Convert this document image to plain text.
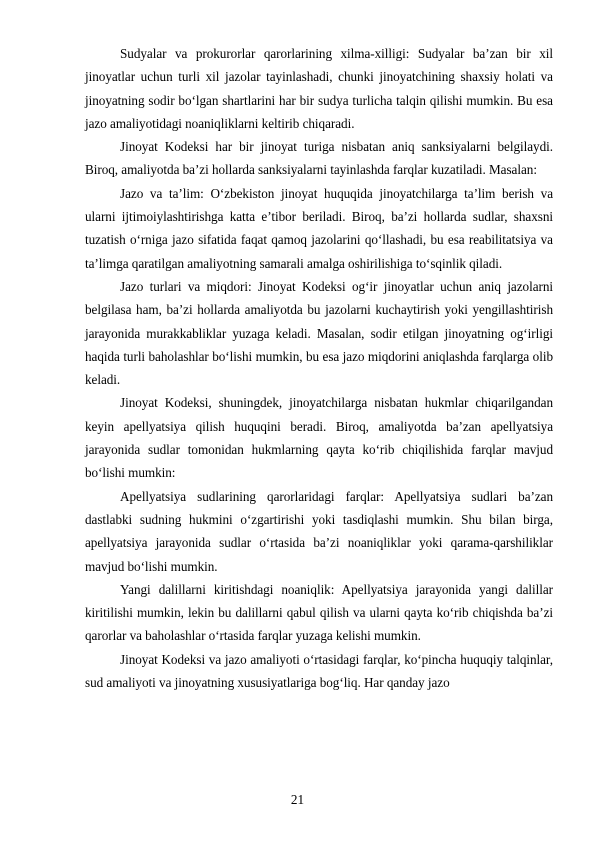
Sudyalar va prokurorlar qarorlarining xilma-xilligi: Sudyalar ba’zan bir xil jinoyatlar uchun turli xil jazolar tayinlashadi, chunki jinoyatchining shaxsiy holati va jinoyatning sodir bo‘lgan shartlarini har bir sudya turlicha talqin qilishi mumkin. Bu esa jazo amaliyotidagi noaniqliklarni keltirib chiqaradi.

Jinoyat Kodeksi har bir jinoyat turiga nisbatan aniq sanksiyalarni belgilaydi. Biroq, amaliyotda ba’zi hollarda sanksiyalarni tayinlashda farqlar kuzatiladi. Masalan:

Jazo va ta’lim: O‘zbekiston jinoyat huquqida jinoyatchilarga ta’lim berish va ularni ijtimoiylashtirishga katta e’tibor beriladi. Biroq, ba’zi hollarda sudlar, shaxsni tuzatish o‘rniga jazo sifatida faqat qamoq jazolarini qo‘llashadi, bu esa reabilitatsiya va ta’limga qaratilgan amaliyotning samarali amalga oshirilishiga to‘sqinlik qiladi.

Jazo turlari va miqdori: Jinoyat Kodeksi og‘ir jinoyatlar uchun aniq jazolarni belgilasa ham, ba’zi hollarda amaliyotda bu jazolarni kuchaytirish yoki yengillashtirish jarayonida murakkabliklar yuzaga keladi. Masalan, sodir etilgan jinoyatning og‘irligi haqida turli baholashlar bo‘lishi mumkin, bu esa jazo miqdorini aniqlashda farqlarga olib keladi.

Jinoyat Kodeksi, shuningdek, jinoyatchilarga nisbatan hukmlar chiqarilgandan keyin apellyatsiya qilish huquqini beradi. Biroq, amaliyotda ba’zan apellyatsiya jarayonida sudlar tomonidan hukmlarning qayta ko‘rib chiqilishida farqlar mavjud bo‘lishi mumkin:

Apellyatsiya sudlarining qarorlaridagi farqlar: Apellyatsiya sudlari ba’zan dastlabki sudning hukmini o‘zgartirishi yoki tasdiqlashi mumkin. Shu bilan birga, apellyatsiya jarayonida sudlar o‘rtasida ba’zi noaniqliklar yoki qarama-qarshiliklar mavjud bo‘lishi mumkin.

Yangi dalillarni kiritishdagi noaniqlik: Apellyatsiya jarayonida yangi dalillar kiritilishi mumkin, lekin bu dalillarni qabul qilish va ularni qayta ko‘rib chiqishda ba’zi qarorlar va baholashlar o‘rtasida farqlar yuzaga kelishi mumkin.

Jinoyat Kodeksi va jazo amaliyoti o‘rtasidagi farqlar, ko‘pincha huquqiy talqinlar, sud amaliyoti va jinoyatning xususiyatlariga bog‘liq. Har qanday jazo

21
